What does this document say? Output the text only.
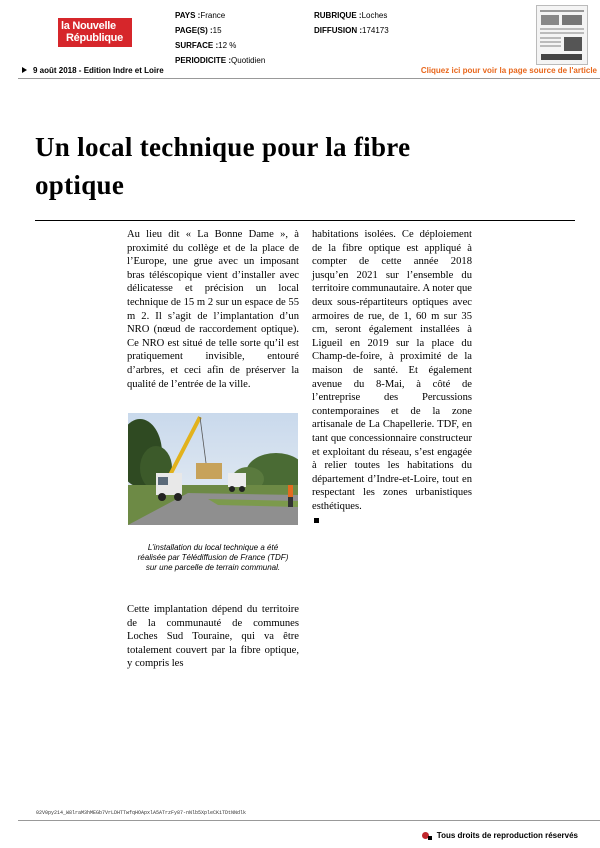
la Nouvelle
République
PAYS :France
PAGE(S) :15
SURFACE :12 %
PERIODICITE :Quotidien
RUBRIQUE :Loches
DIFFUSION :174173
9 août 2018 - Edition Indre et Loire	Cliquez ici pour voir la page source de l'article
Un local technique pour la fibre optique
Au lieu dit « La Bonne Dame », à proximité du collège et de la place de l’Europe, une grue avec un imposant bras téléscopique vient d’installer avec délicatesse et précision un local technique de 15 m 2 sur un espace de 55 m 2. Il s’agit de l’implantation d’un NRO (nœud de raccordement optique). Ce NRO est situé de telle sorte qu’il est pratiquement invisible, entouré d’arbres, et ceci afin de préserver la qualité de l’entrée de la ville.
L’installation du local technique a été réalisée par Télédiffusion de France (TDF) sur une parcelle de terrain communal.
Cette implantation dépend du territoire de la communauté de communes Loches Sud Touraine, qui va être totalement couvert par la fibre optique, y compris les
habitations isolées. Ce déploiement de la fibre optique est appliqué à compter de cette année 2018 jusqu’en 2021 sur l’ensemble du territoire communautaire. A noter que deux sous-répartiteurs optiques avec armoires de rue, de 1, 60 m sur 35 cm, seront également installées à Ligueil en 2019 sur la place du Champ-de-foire, à proximité de la maison de santé. Et également avenue du 8-Mai, à côté de l’entreprise des Percussions contemporaines et de la zone artisanale de La Chapellerie. TDF, en tant que concessionnaire constructeur et exploitant du réseau, s’est engagée à relier toutes les habitations du département d’Indre-et-Loire, tout en respectant les zones urbanistiques esthétiques.

02V0py214_W8lraM3hMEGb7VrLDHTTwfqHOApxlA5ATrzFy87-nNlb5XpleCKiTDtNNdlk
Tous droits de reproduction réservés
